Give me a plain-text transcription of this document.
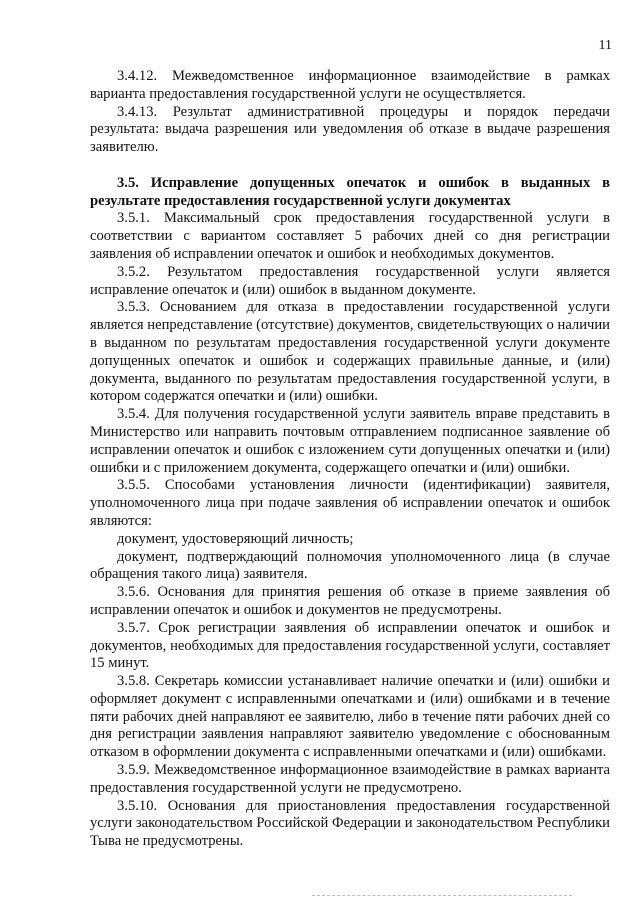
11

3.4.12. Межведомственное информационное взаимодействие в рамках варианта предоставления государственной услуги не осуществляется.

3.4.13. Результат административной процедуры и порядок передачи результата: выдача разрешения или уведомления об отказе в выдаче разрешения заявителю.

3.5. Исправление допущенных опечаток и ошибок в выданных в результате предоставления государственной услуги документах

3.5.1. Максимальный срок предоставления государственной услуги в соответствии с вариантом составляет 5 рабочих дней со дня регистрации заявления об исправлении опечаток и ошибок и необходимых документов.

3.5.2. Результатом предоставления государственной услуги является исправление опечаток и (или) ошибок в выданном документе.

3.5.3. Основанием для отказа в предоставлении государственной услуги является непредставление (отсутствие) документов, свидетельствующих о наличии в выданном по результатам предоставления государственной услуги документе допущенных опечаток и ошибок и содержащих правильные данные, и (или) документа, выданного по результатам предоставления государственной услуги, в котором содержатся опечатки и (или) ошибки.

3.5.4. Для получения государственной услуги заявитель вправе представить в Министерство или направить почтовым отправлением подписанное заявление об исправлении опечаток и ошибок с изложением сути допущенных опечатки и (или) ошибки и с приложением документа, содержащего опечатки и (или) ошибки.

3.5.5. Способами установления личности (идентификации) заявителя, уполномоченного лица при подаче заявления об исправлении опечаток и ошибок являются:

документ, удостоверяющий личность;

документ, подтверждающий полномочия уполномоченного лица (в случае обращения такого лица) заявителя.

3.5.6. Основания для принятия решения об отказе в приеме заявления об исправлении опечаток и ошибок и документов не предусмотрены.

3.5.7. Срок регистрации заявления об исправлении опечаток и ошибок и документов, необходимых для предоставления государственной услуги, составляет 15 минут.

3.5.8. Секретарь комиссии устанавливает наличие опечатки и (или) ошибки и оформляет документ с исправленными опечатками и (или) ошибками и в течение пяти рабочих дней направляют ее заявителю, либо в течение пяти рабочих дней со дня регистрации заявления направляют заявителю уведомление с обоснованным отказом в оформлении документа с исправленными опечатками и (или) ошибками.

3.5.9. Межведомственное информационное взаимодействие в рамках варианта предоставления государственной услуги не предусмотрено.

3.5.10. Основания для приостановления предоставления государственной услуги законодательством Российской Федерации и законодательством Республики Тыва не предусмотрены.
